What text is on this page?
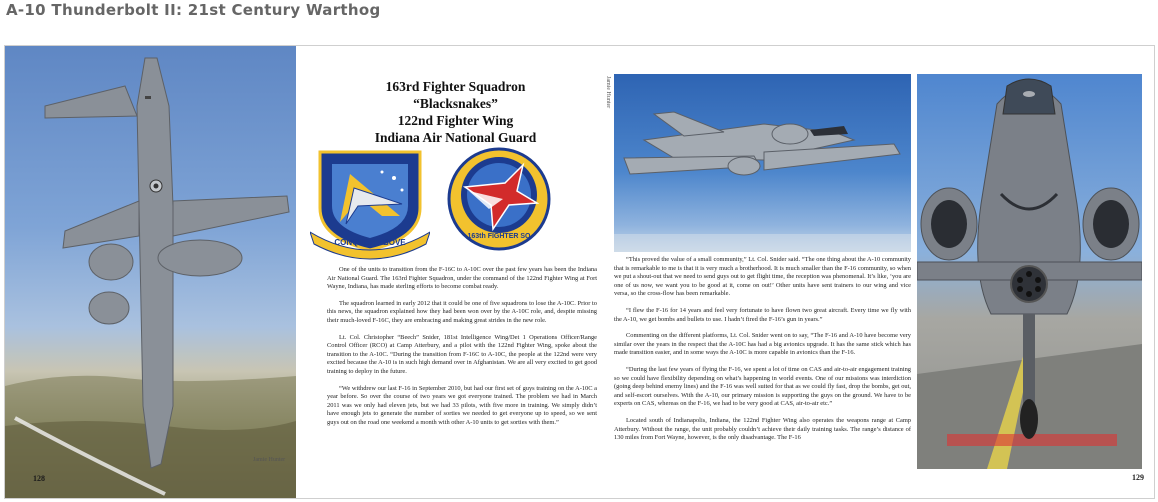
A-10 Thunderbolt II: 21st Century Warthog
Jamie Hunter
128
163rd Fighter Squadron
“Blacksnakes”
122nd Fighter Wing
Indiana Air National Guard
CONQUER ABOVE
163th FIGHTER SQ

One of the units to transition from the F-16C to A-10C over the past few years has been the Indiana Air National Guard. The 163rd Fighter Squadron, under the command of the 122nd Fighter Wing at Fort Wayne, Indiana, has made sterling efforts to become combat ready.

The squadron learned in early 2012 that it could be one of five squadrons to lose the A-10C. Prior to this news, the squadron explained how they had been won over by the A-10C role, and, despite missing their much-loved F-16C, they are embracing and making great strides in the new role.

Lt. Col. Christopher “Beech” Snider, 181st Intelligence Wing/Det 1 Operations Officer/Range Control Officer (RCO) at Camp Atterbury, and a pilot with the 122nd Fighter Wing, spoke about the transition to the A-10C. “During the transition from F-16C to A-10C, the people at the 122nd were very excited because the A-10 is in such high demand over in Afghanistan. We are all very excited to get good training to deploy in the future.

“We withdrew our last F-16 in September 2010, but had our first set of guys training on the A-10C a year before. So over the course of two years we got everyone trained. The problem we had in March 2011 was we only had eleven jets, but we had 33 pilots, with five more in training. We simply didn’t have enough jets to generate the number of sorties we needed to get everyone up to speed, so we sent guys out on the road one weekend a month with other A-10 units to get sorties with them.”

Jamie Hunter

“This proved the value of a small community,” Lt. Col. Snider said. “The one thing about the A-10 community that is remarkable to me is that it is very much a brotherhood. It is much smaller than the F-16 community, so when we put a shout-out that we need to send guys out to get flight time, the reception was phenomenal. It’s like, ‘you are one of us now, we want you to be good at it, come on out!’ Other units have sent trainers to our wing and vice versa, so the cross-flow has been remarkable.

“I flew the F-16 for 14 years and feel very fortunate to have flown two great aircraft. Every time we fly with the A-10, we get bombs and bullets to use. I hadn’t fired the F-16’s gun in years.”

Commenting on the different platforms, Lt. Col. Snider went on to say, “The F-16 and A-10 have become very similar over the years in the respect that the A-10C has had a big avionics upgrade. It has the same stick which has made transition easier, and in some ways the A-10C is more capable in avionics than the F-16.

“During the last few years of flying the F-16, we spent a lot of time on CAS and air-to-air engagement training so we could have flexibility depending on what’s happening in world events. One of our missions was interdiction (going deep behind enemy lines) and the F-16 was well suited for that as we could fly fast, drop the bombs, get out, and self-escort ourselves. With the A-10, our primary mission is supporting the guys on the ground. We have to be experts on CAS, whereas on the F-16, we had to be very good at CAS, air-to-air etc.”

Located south of Indianapolis, Indiana, the 122nd Fighter Wing also operates the weapons range at Camp Atterbury. Without the range, the unit probably couldn’t achieve their daily training tasks. The range’s distance of 130 miles from Fort Wayne, however, is the only disadvantage. The F-16

129
